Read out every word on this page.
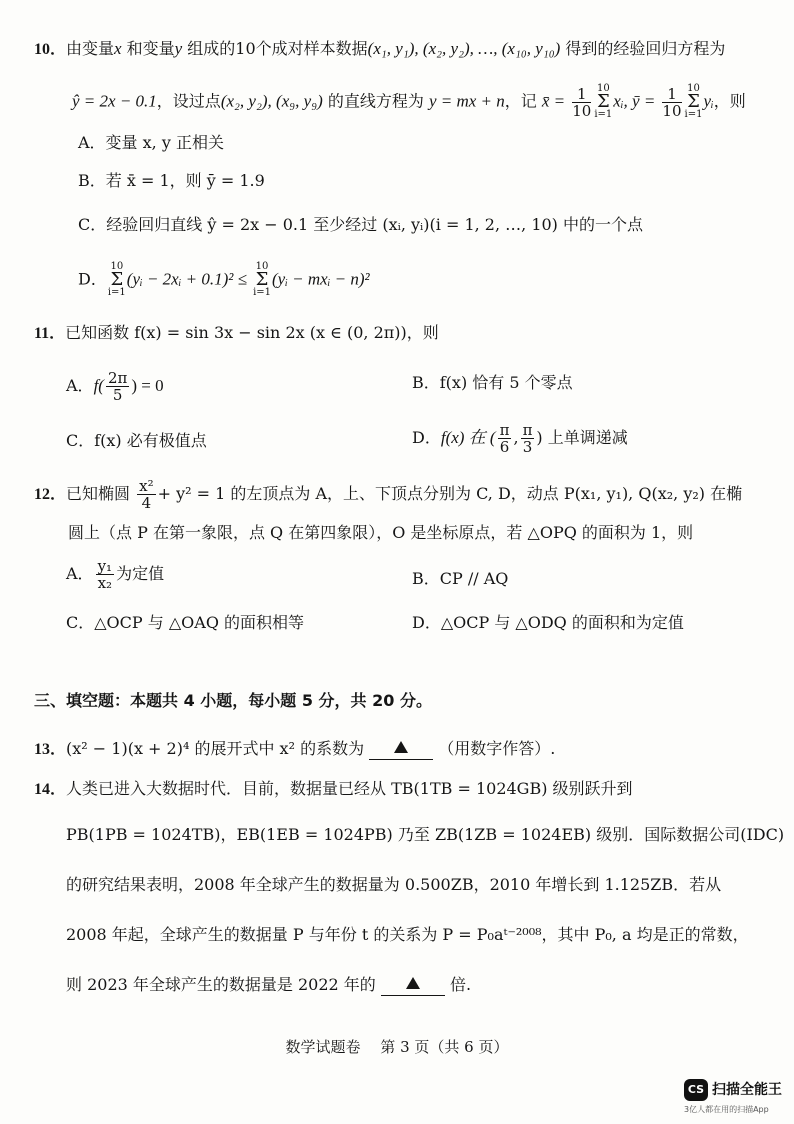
10．由变量x 和变量y 组成的10个成对样本数据(x₁, y₁), (x₂, y₂), …, (x₁₀, y₁₀) 得到的经验回归方程为
ŷ = 2x − 0.1，设过点(x₂, y₂), (x₉, y₉) 的直线方程为 y = mx + n，记 x̄ = $\frac{1}{10} 10$
Σ
i=1
xᵢ, ȳ = $\frac{1}{10} 10$
Σ
i=1
yᵢ，则
A．变量 x, y 正相关
B．若 x̄ = 1，则 ȳ = 1.9
C．经验回归直线 ŷ = 2x − 0.1 至少经过 (xᵢ, yᵢ)(i = 1, 2, …, 10) 中的一个点
D．
10
Σ
i=1
(yᵢ − 2xᵢ + 0.1)² ≤
10
Σ
i=1
(yᵢ − mxᵢ − n)²
11．已知函数 f(x) = sin 3x − sin 2x (x ∈ (0, 2π))，则
A．$f( \frac{2\pi}{5}$ ) = 0	B．f(x) 恰有 5 个零点
C．f(x) 必有极值点	D．f(x) 在 ( $\frac{\pi}{6}$ , $\frac{\pi}{3}$ ) 上单调递减
12．已知椭圆 $\frac{\text{x²}}{4} + y^2 = 1$ 的左顶点为 A，上、下顶点分别为 C, D，动点 P(x₁, y₁), Q(x₂, y₂) 在椭
圆上（点 P 在第一象限，点 Q 在第四象限），O 是坐标原点，若 △OPQ 的面积为 1，则
A． $\frac{\text{y₁}}{\text{x₂}}$ 为定值	B．CP // AQ
C．△OCP 与 △OAQ 的面积相等	D．△OCP 与 △ODQ 的面积和为定值
三、填空题：本题共 4 小题，每小题 5 分，共 20 分。
13．(x² − 1)(x + 2)⁴ 的展开式中 x² 的系数为	（用数字作答）.
14．人类已进入大数据时代．目前，数据量已经从 TB(1TB = 1024GB) 级别跃升到
PB(1PB = 1024TB)，EB(1EB = 1024PB) 乃至 ZB(1ZB = 1024EB) 级别．国际数据公司(IDC)
的研究结果表明，2008 年全球产生的数据量为 0.500ZB，2010 年增长到 1.125ZB．若从
2008 年起，全球产生的数据量 P 与年份 t 的关系为 P = P₀aᵗ⁻²⁰⁰⁸，其中 P₀, a 均是正的常数，
则 2023 年全球产生的数据量是 2022 年的	倍.
数学试题卷　 第 3 页（共 6 页）
CS 扫描全能王
3亿人都在用的扫描App
